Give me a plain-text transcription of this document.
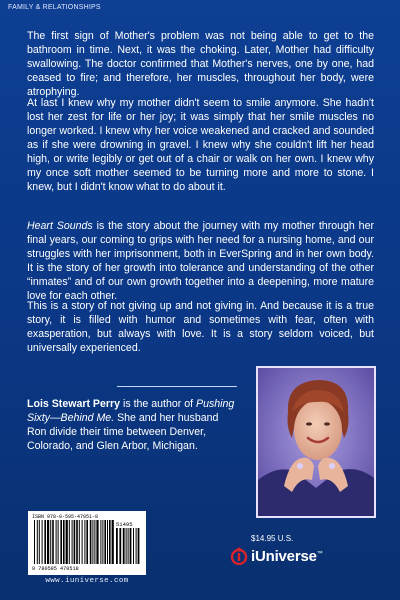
FAMILY & RELATIONSHIPS

The first sign of Mother's problem was not being able to get to the bathroom in time. Next, it was the choking. Later, Mother had difficulty swallowing. The doctor confirmed that Mother's nerves, one by one, had ceased to fire; and therefore, her muscles, throughout her body, were atrophying.

At last I knew why my mother didn't seem to smile anymore. She hadn't lost her zest for life or her joy; it was simply that her smile muscles no longer worked. I knew why her voice weakened and cracked and sounded as if she were drowning in gravel. I knew why she couldn't lift her head high, or write legibly or get out of a chair or walk on her own. I knew why my once soft mother seemed to be turning more and more to stone. I knew, but I didn't know what to do about it.

Heart Sounds is the story about the journey with my mother through her final years, our coming to grips with her need for a nursing home, and our struggles with her imprisonment, both in EverSpring and in her own body. It is the story of her growth into tolerance and understanding of the other “inmates” and of our own growth together into a deepening, more mature love for each other.

This is a story of not giving up and not giving in. And because it is a true story, it is filled with humor and sometimes with fear, often with exasperation, but always with love. It is a story seldom voiced, but universally experienced.

Lois Stewart Perry is the author of Pushing Sixty—Behind Me. She and her husband Ron divide their time between Denver, Colorado, and Glen Arbor, Michigan.

$14.95 U.S.
ISBN 978-0-595-47051-8
51495
9 780595 470518
www.iuniverse.com
iUniverse™
